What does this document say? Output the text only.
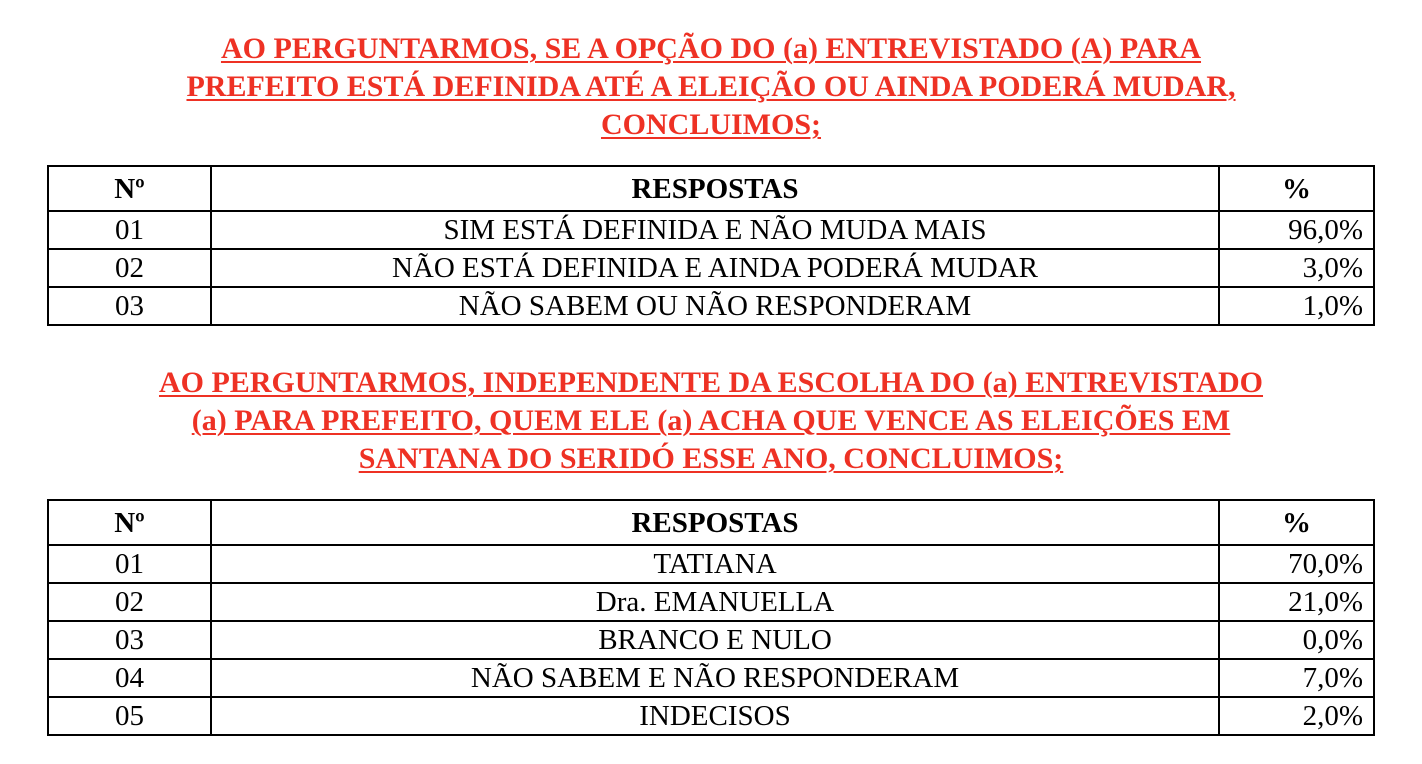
AO PERGUNTARMOS, SE A OPÇÃO DO (a) ENTREVISTADO (A) PARA
PREFEITO ESTÁ DEFINIDA ATÉ A ELEIÇÃO OU AINDA PODERÁ MUDAR,
CONCLUIMOS;
Nº	RESPOSTAS	%
01	SIM ESTÁ DEFINIDA E NÃO MUDA MAIS	96,0%
02	NÃO ESTÁ DEFINIDA E AINDA PODERÁ MUDAR	3,0%
03	NÃO SABEM OU NÃO RESPONDERAM	1,0%
AO PERGUNTARMOS, INDEPENDENTE DA ESCOLHA DO (a) ENTREVISTADO
(a) PARA PREFEITO, QUEM ELE (a) ACHA QUE VENCE AS ELEIÇÕES EM
SANTANA DO SERIDÓ ESSE ANO, CONCLUIMOS;
Nº	RESPOSTAS	%
01	TATIANA	70,0%
02	Dra. EMANUELLA	21,0%
03	BRANCO E NULO	0,0%
04	NÃO SABEM E NÃO RESPONDERAM	7,0%
05	INDECISOS	2,0%
